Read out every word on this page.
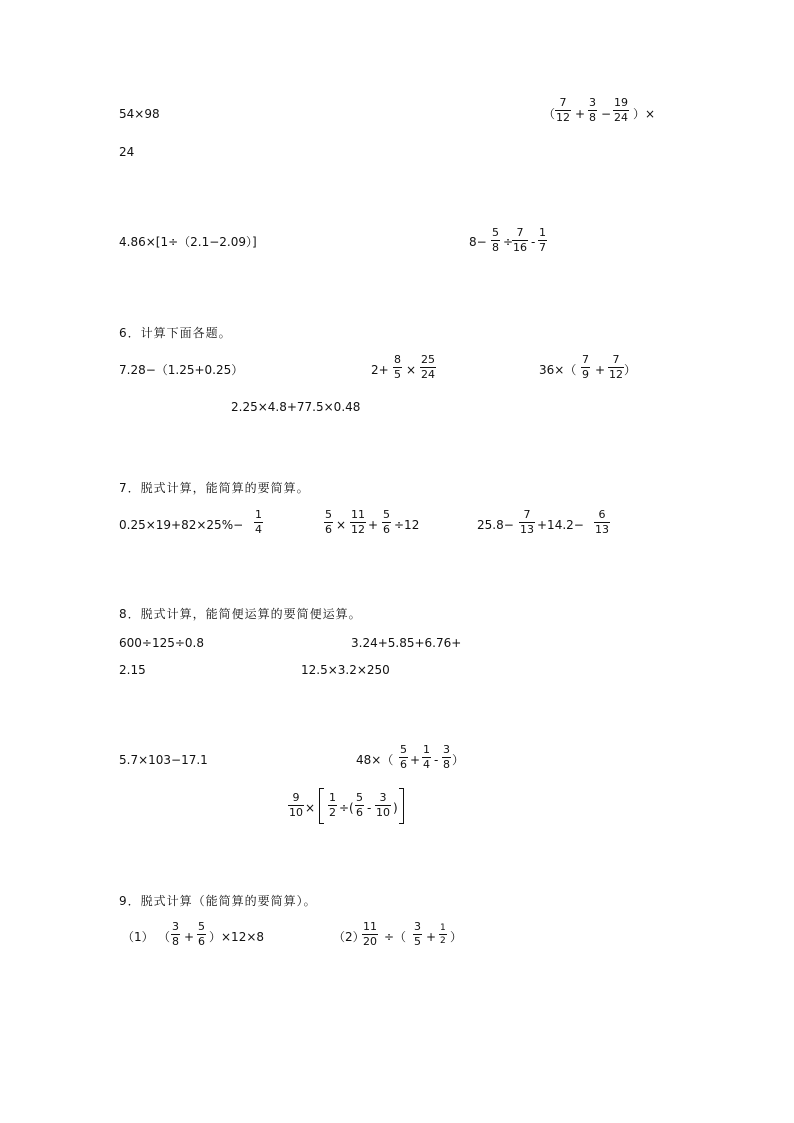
54×98
24
（
7
12 +
3
8 −
19
24 ）×
4.86×[1÷（2.1−2.09）]	8−
5
8 ÷
7
16 -
1
7
6．计算下面各题。
7.28−（1.25+0.25）	2+
8
5 ×
25
24	36×（
7
9 +
7
12 ）
2.25×4.8+77.5×0.48
7．脱式计算，能简算的要简算。
0.25×19+82×25%−
1
4
5
6 ×
11
12 +
5
6 ÷12	25.8−
7
13 +14.2−
6
13
8．脱式计算，能简便运算的要简便运算。
600÷125÷0.8	3.24+5.85+6.76+
2.15	12.5×3.2×250
5.7×103−17.1	48×（
5
6 +
1
4 -
3
8 ）
9
10 ×
1
2 ÷(
5
6 -
3
10 )
9．脱式计算（能简算的要简算）。
（1） （
3
8 +
5
6 ）×12×8	（2）
11
20 ÷（
3
5 +
1
2 ）
